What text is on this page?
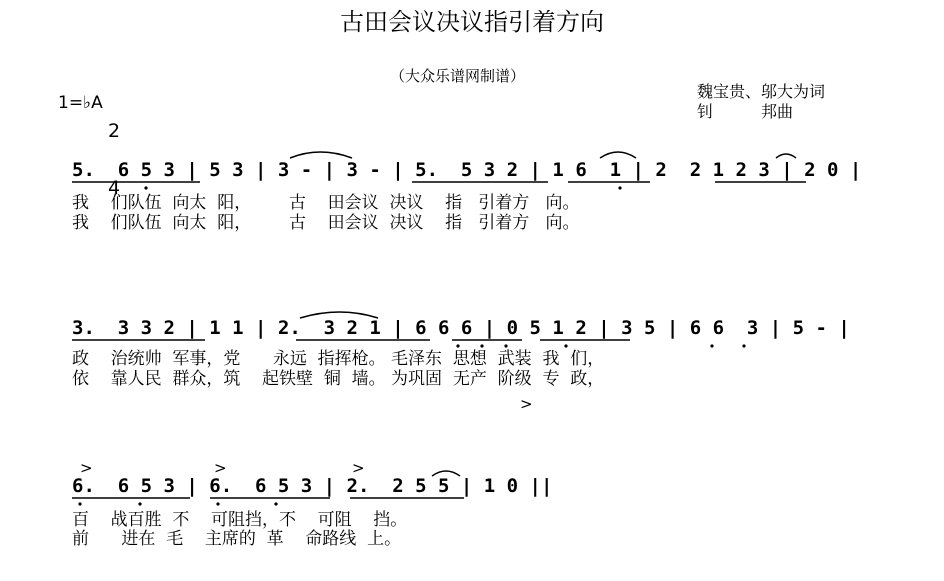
古田会议决议指引着方向
（大众乐谱网制谱）
1=♭A

2

4

魏宝贵、邬大为词
钊　　　邦曲
5.  6 5 3 | 5 3 | 3 - | 3 - | 5.  5 3 2 | 1 6  1 | 2  2 1 2 3 | 2 0 |
我    们队伍  向太  阳，       古    田会议  决议    指   引着方   向。
我    们队伍  向太  阳，       古    田会议  决议    指   引着方   向。
3.  3 3 2 | 1 1 | 2.  3 2 1 | 6 6 6 | 0 5 1 2 | 3 5 | 6 6  3 | 5 - |
政    治统帅  军事，党      永远  指挥枪。 毛泽东  思想  武装  我  们，
依    靠人民  群众，筑    起铁壁  铜  墙。 为巩固  无产  阶级  专  政，
>
>	>	>
6.  6 5 3 | 6.  6 5 3 | 2.  2 5 5 | 1 0 ||
百    战百胜  不    可阻挡，不    可阻    挡。
前      进在  毛    主席的  革    命路线  上。
